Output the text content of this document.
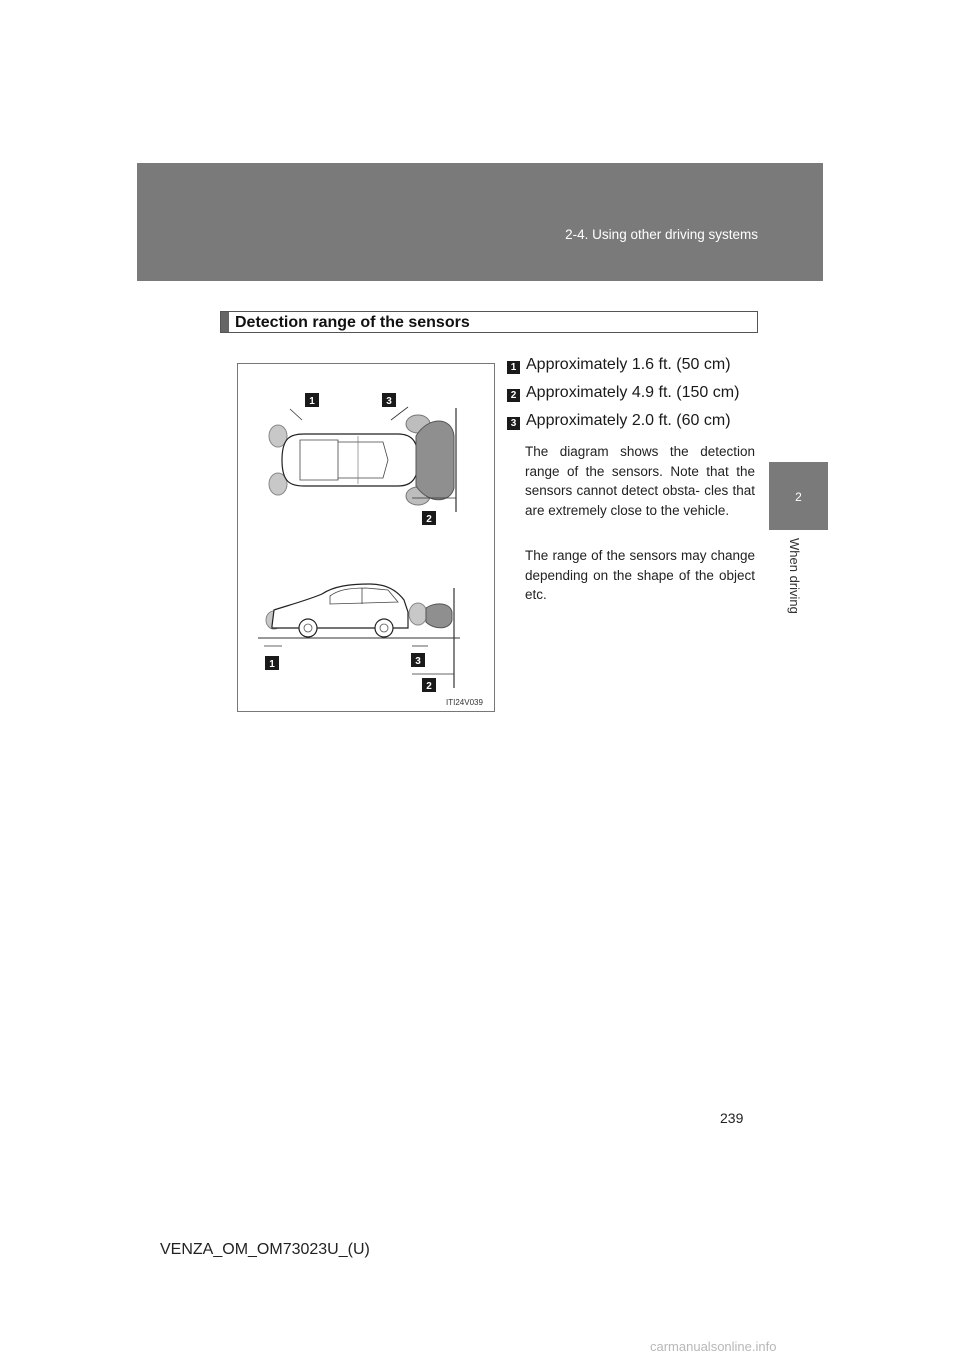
2-4. Using other driving systems
2
When driving
Detection range of the sensors
1	3
2
1	3
2
ITI24V039
1 Approximately 1.6 ft. (50 cm)
2 Approximately 4.9 ft. (150 cm)
3 Approximately 2.0 ft. (60 cm)

The diagram shows the detection range of the sensors. Note that the sensors cannot detect obsta- cles that are extremely close to the vehicle.

The range of the sensors may change depending on the shape of the object etc.

239
VENZA_OM_OM73023U_(U)
carmanualsonline.info
